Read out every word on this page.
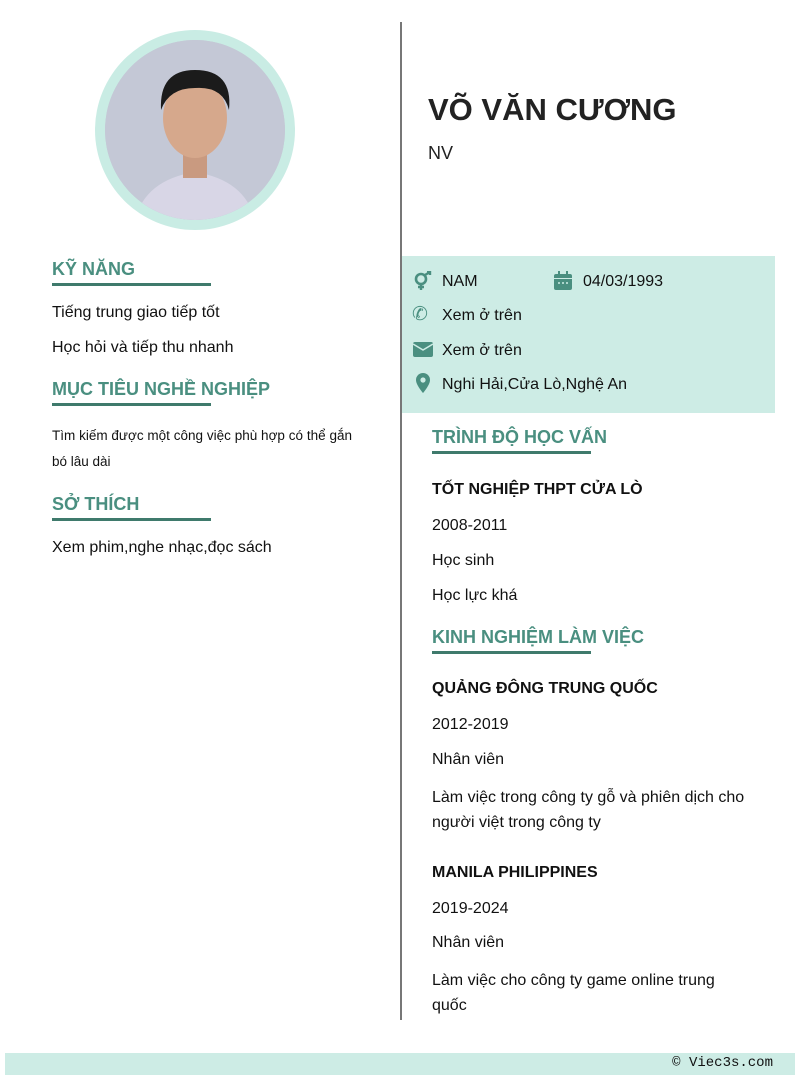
KỸ NĂNG
Tiếng trung giao tiếp tốt
Học hỏi và tiếp thu nhanh
MỤC TIÊU NGHỀ NGHIỆP
Tìm kiếm được một công việc phù hợp có thể gắn bó lâu dài
SỞ THÍCH
Xem phim,nghe nhạc,đọc sách
VÕ VĂN CƯƠNG
NV
NAM	04/03/1993
✆ Xem ở trên
Xem ở trên
Nghi Hải,Cửa Lò,Nghệ An
TRÌNH ĐỘ HỌC VẤN
TỐT NGHIỆP THPT CỬA LÒ
2008-2011
Học sinh
Học lực khá
KINH NGHIỆM LÀM VIỆC
QUẢNG ĐÔNG TRUNG QUỐC
2012-2019
Nhân viên
Làm việc trong công ty gỗ và phiên dịch cho người việt trong công ty
MANILA PHILIPPINES
2019-2024
Nhân viên
Làm việc cho công ty game online trung quốc
© Viec3s.com
